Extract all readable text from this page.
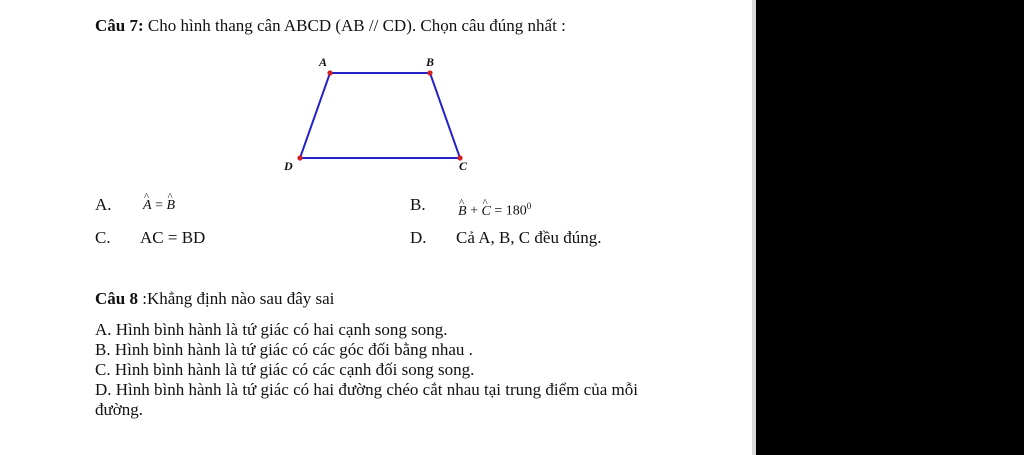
Câu 7: Cho hình thang cân ABCD (AB // CD). Chọn câu đúng nhất :
A	B
C
D
A. ^ A = ^ B	B. ^ B + ^ $C = 180^0$
C. AC = BD	D. Cả A, B, C đều đúng.
Câu 8 :Khẳng định nào sau đây sai
A. Hình bình hành là tứ giác có hai cạnh song song.
B. Hình bình hành là tứ giác có các góc đối bằng nhau .
C. Hình bình hành là tứ giác có các cạnh đối song song.
D. Hình bình hành là tứ giác có hai đường chéo cắt nhau tại trung điểm của mỗi đường.
